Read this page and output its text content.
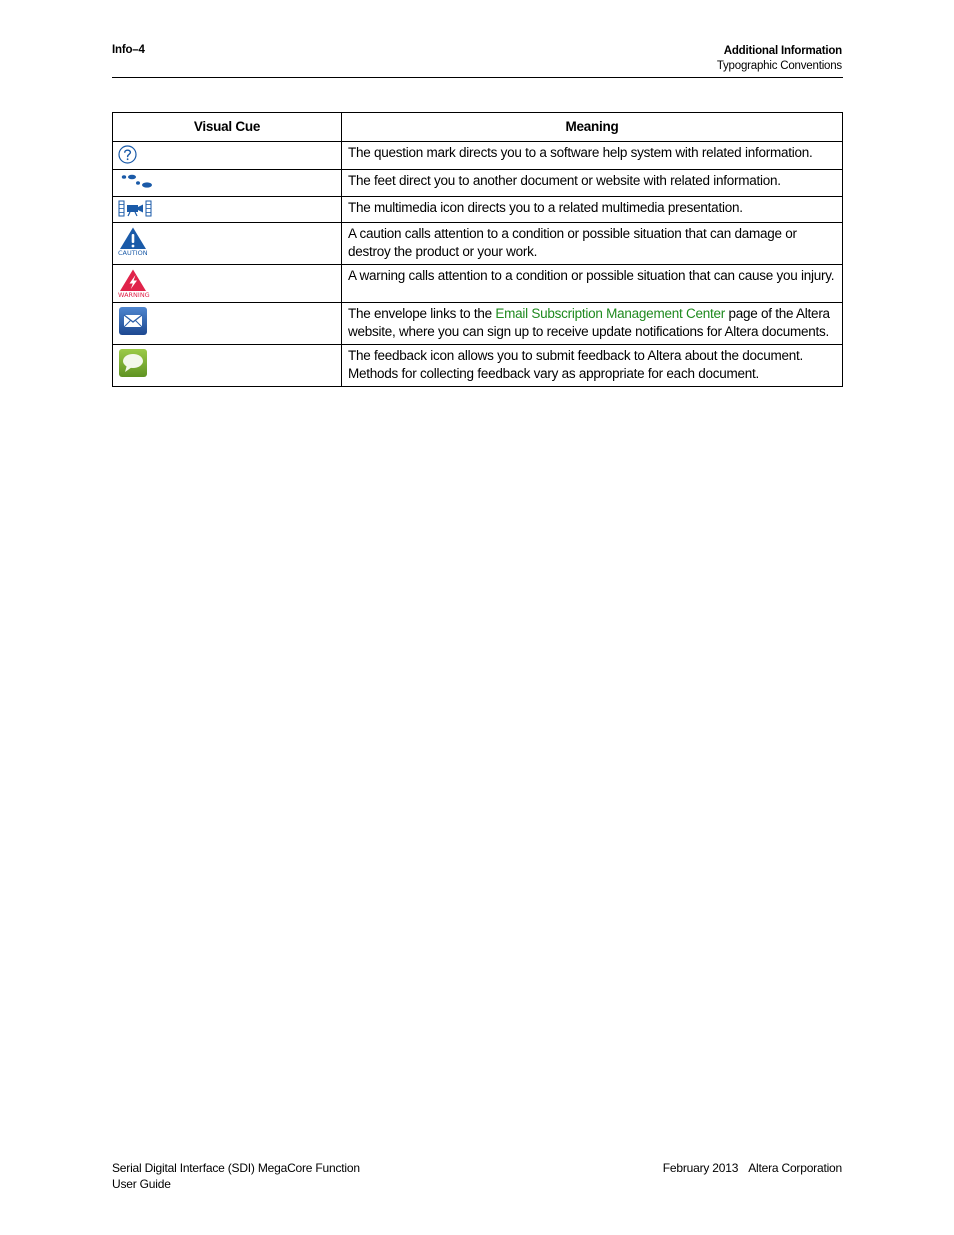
Info–4	Additional Information
Typographic Conventions
Visual Cue	Meaning
	The question mark directs you to a software help system with related information.
	The feet direct you to another document or website with related information.
	The multimedia icon directs you to a related multimedia presentation.

CAUTION	A caution calls attention to a condition or possible situation that can damage or destroy the product or your work.

WARNING	A warning calls attention to a condition or possible situation that can cause you injury.
	The envelope links to the Email Subscription Management Center page of the Altera website, where you can sign up to receive update notifications for Altera documents.
	The feedback icon allows you to submit feedback to Altera about the document. Methods for collecting feedback vary as appropriate for each document.
Serial Digital Interface (SDI) MegaCore Function
User Guide
February 2013 Altera Corporation
